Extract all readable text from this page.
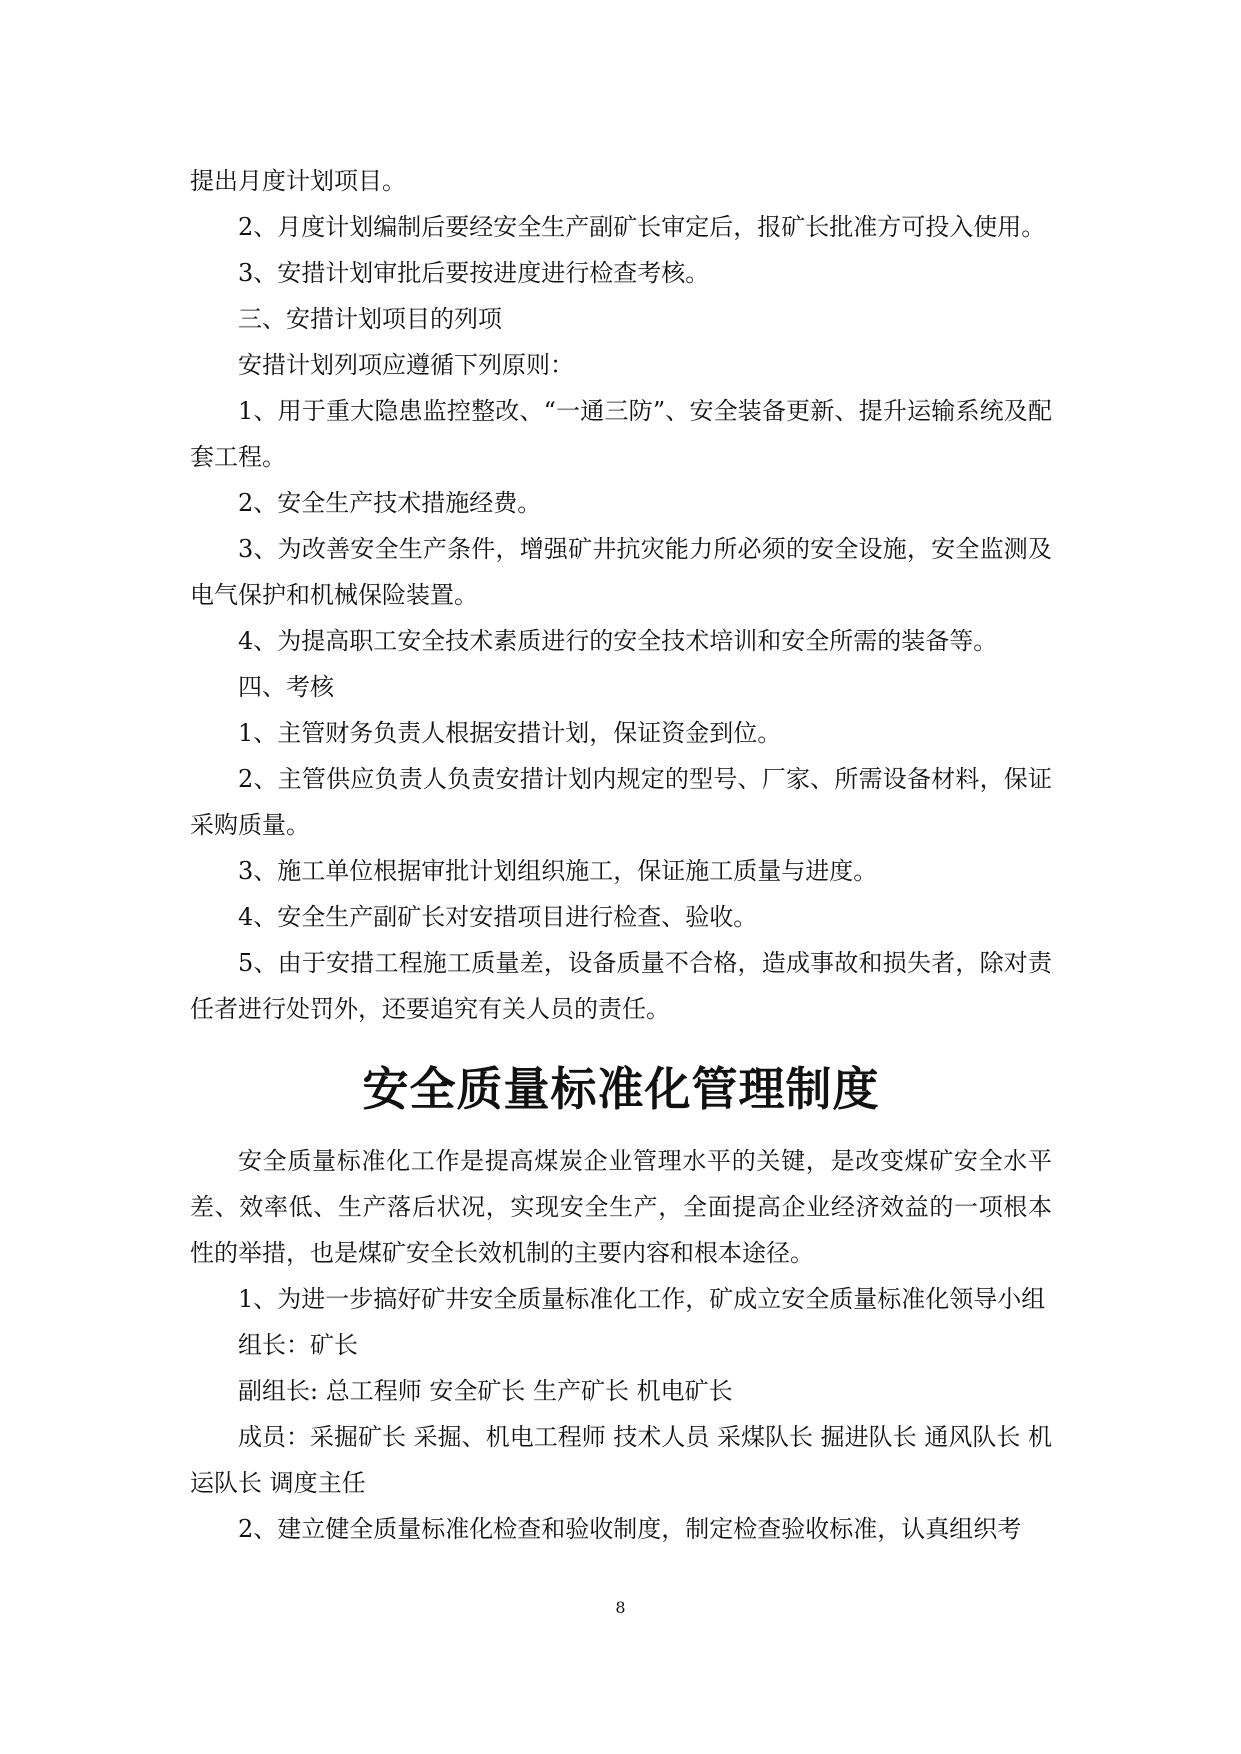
提出月度计划项目。

2、月度计划编制后要经安全生产副矿长审定后，报矿长批准方可投入使用。

3、安措计划审批后要按进度进行检查考核。

三、安措计划项目的列项

安措计划列项应遵循下列原则：

1、用于重大隐患监控整改、“一通三防”、安全装备更新、提升运输系统及配套工程。

2、安全生产技术措施经费。

3、为改善安全生产条件，增强矿井抗灾能力所必须的安全设施，安全监测及电气保护和机械保险装置。

4、为提高职工安全技术素质进行的安全技术培训和安全所需的装备等。

四、考核

1、主管财务负责人根据安措计划，保证资金到位。

2、主管供应负责人负责安措计划内规定的型号、厂家、所需设备材料，保证采购质量。

3、施工单位根据审批计划组织施工，保证施工质量与进度。

4、安全生产副矿长对安措项目进行检查、验收。

5、由于安措工程施工质量差，设备质量不合格，造成事故和损失者，除对责任者进行处罚外，还要追究有关人员的责任。

安全质量标准化管理制度

安全质量标准化工作是提高煤炭企业管理水平的关键，是改变煤矿安全水平差、效率低、生产落后状况，实现安全生产，全面提高企业经济效益的一项根本性的举措，也是煤矿安全长效机制的主要内容和根本途径。

1、为进一步搞好矿井安全质量标准化工作，矿成立安全质量标准化领导小组

组长：矿长

副组长: 总工程师 安全矿长 生产矿长 机电矿长

成员：采掘矿长 采掘、机电工程师 技术人员 采煤队长 掘进队长 通风队长 机运队长 调度主任

2、建立健全质量标准化检查和验收制度，制定检查验收标准，认真组织考

8
